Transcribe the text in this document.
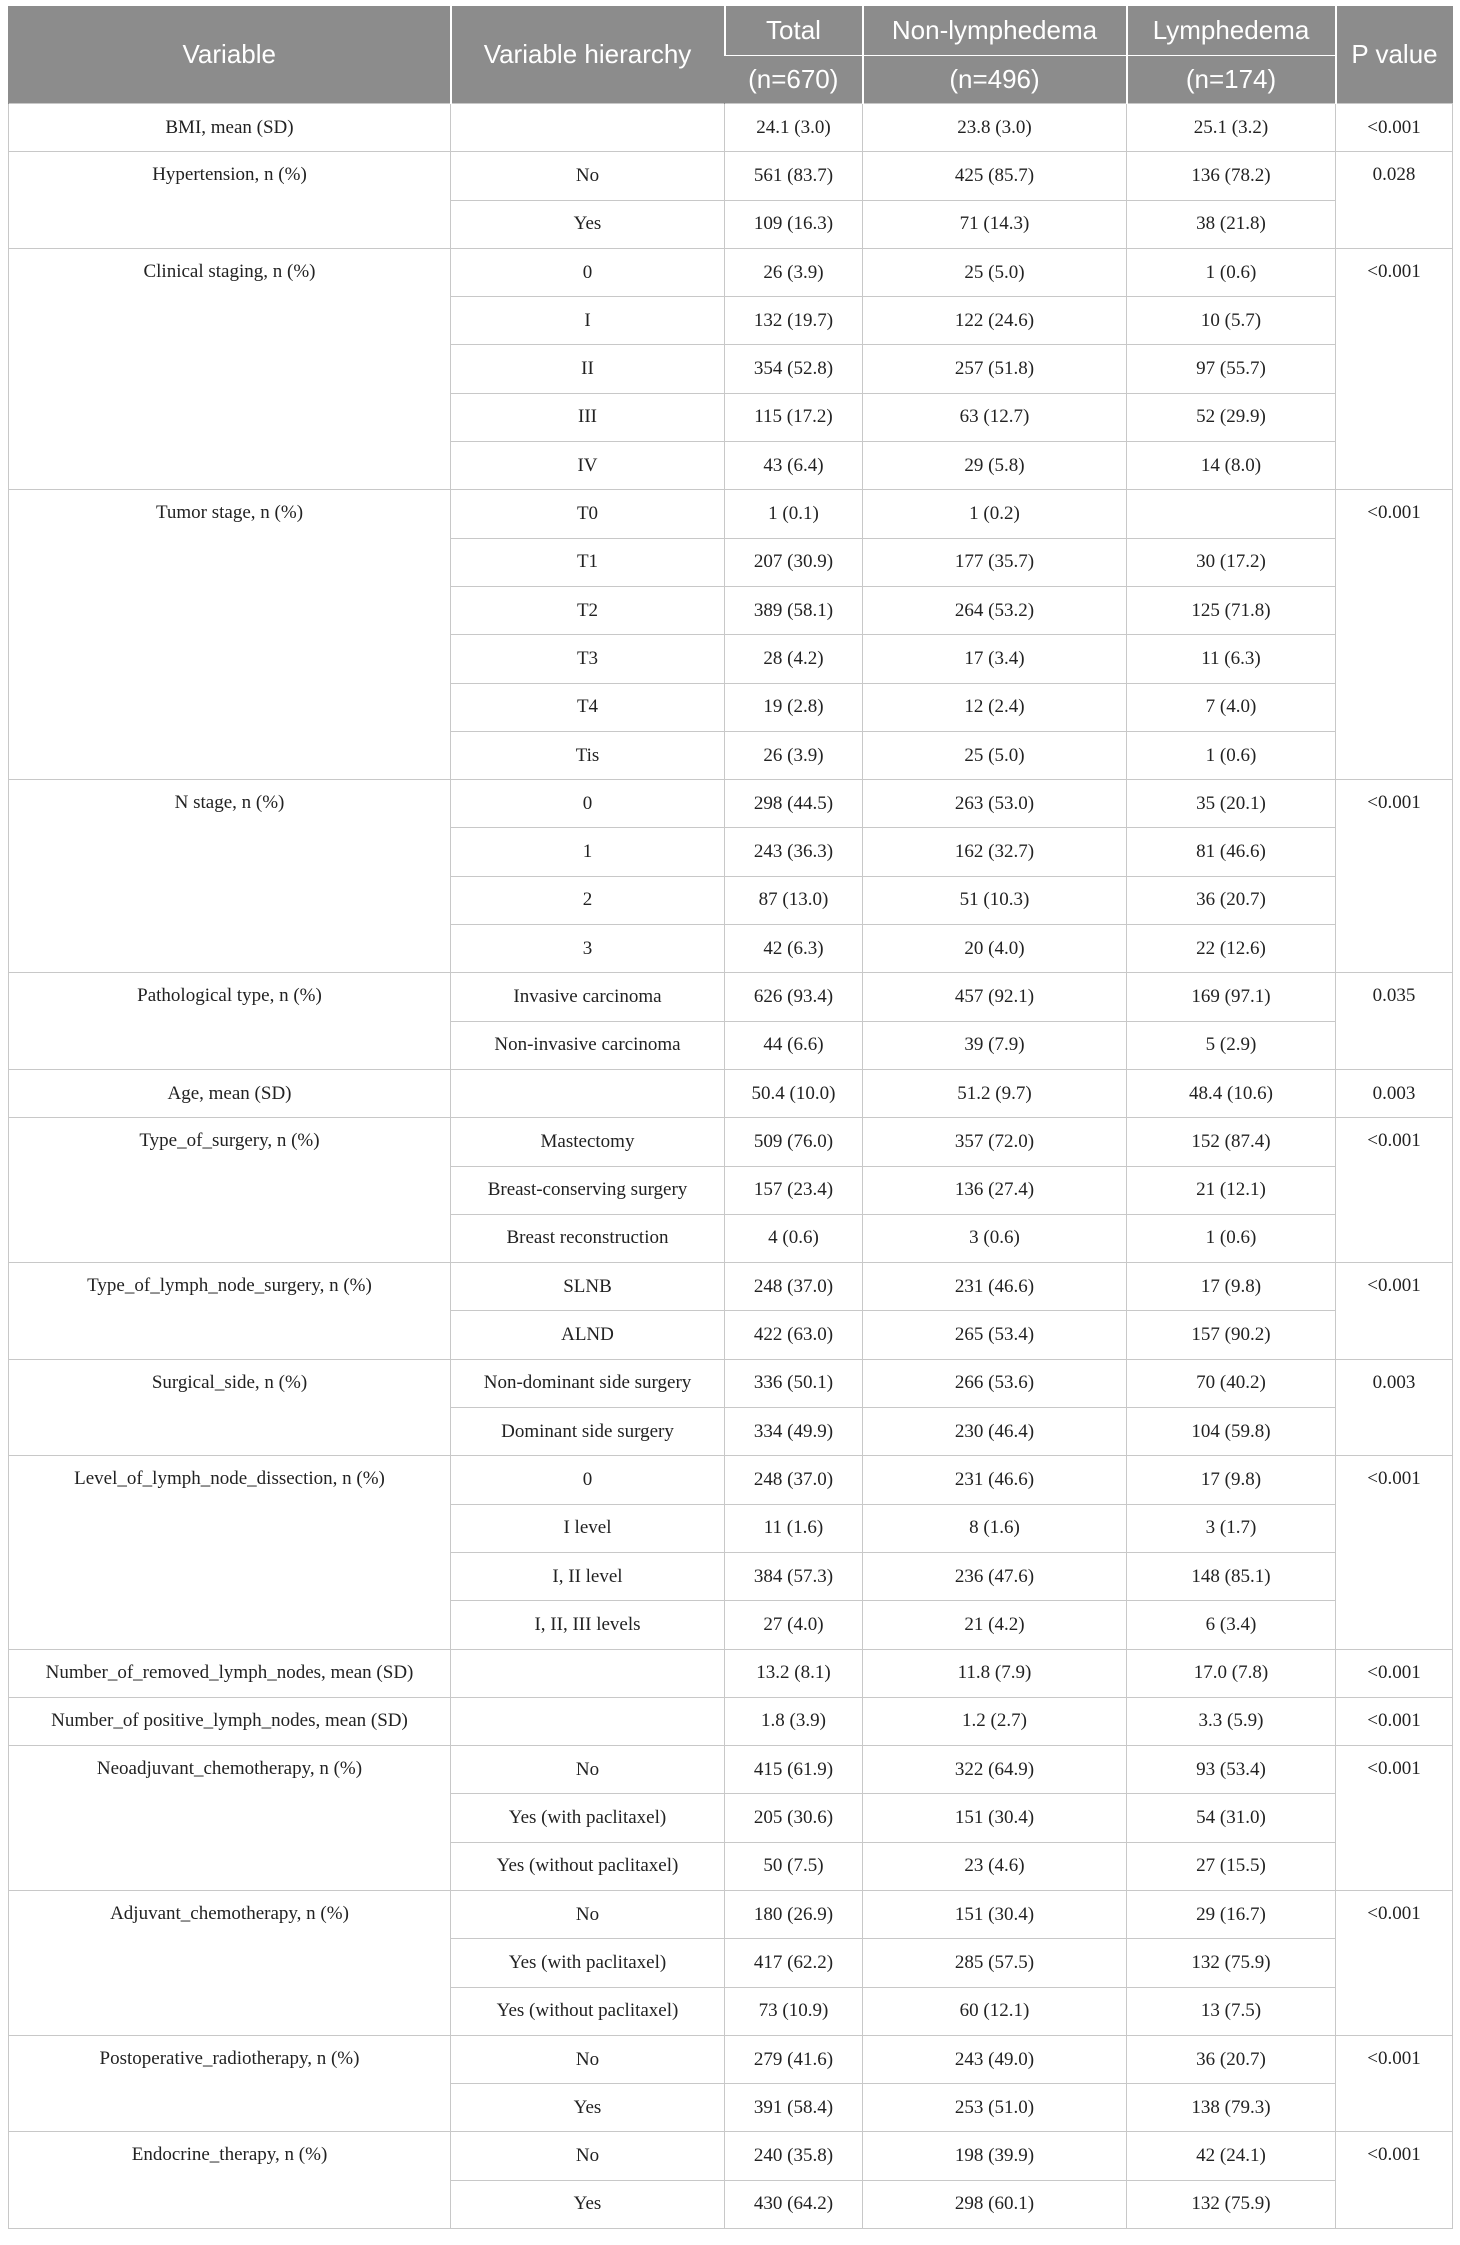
Variable	Variable hierarchy	Total	Non-lymphedema	Lymphedema	P value
		(n=670)	(n=496)	(n=174)	
BMI, mean (SD)		24.1 (3.0)	23.8 (3.0)	25.1 (3.2)	<0.001
Hypertension, n (%)	No	561 (83.7)	425 (85.7)	136 (78.2)	0.028
	Yes	109 (16.3)	71 (14.3)	38 (21.8)	
Clinical staging, n (%)	0	26 (3.9)	25 (5.0)	1 (0.6)	<0.001
	I	132 (19.7)	122 (24.6)	10 (5.7)	
	II	354 (52.8)	257 (51.8)	97 (55.7)	
	III	115 (17.2)	63 (12.7)	52 (29.9)	
	IV	43 (6.4)	29 (5.8)	14 (8.0)	
Tumor stage, n (%)	T0	1 (0.1)	1 (0.2)		<0.001
	T1	207 (30.9)	177 (35.7)	30 (17.2)	
	T2	389 (58.1)	264 (53.2)	125 (71.8)	
	T3	28 (4.2)	17 (3.4)	11 (6.3)	
	T4	19 (2.8)	12 (2.4)	7 (4.0)	
	Tis	26 (3.9)	25 (5.0)	1 (0.6)	
N stage, n (%)	0	298 (44.5)	263 (53.0)	35 (20.1)	<0.001
	1	243 (36.3)	162 (32.7)	81 (46.6)	
	2	87 (13.0)	51 (10.3)	36 (20.7)	
	3	42 (6.3)	20 (4.0)	22 (12.6)	
Pathological type, n (%)	Invasive carcinoma	626 (93.4)	457 (92.1)	169 (97.1)	0.035
	Non-invasive carcinoma	44 (6.6)	39 (7.9)	5 (2.9)	
Age, mean (SD)		50.4 (10.0)	51.2 (9.7)	48.4 (10.6)	0.003
Type_of_surgery, n (%)	Mastectomy	509 (76.0)	357 (72.0)	152 (87.4)	<0.001
	Breast-conserving surgery	157 (23.4)	136 (27.4)	21 (12.1)	
	Breast reconstruction	4 (0.6)	3 (0.6)	1 (0.6)	
Type_of_lymph_node_surgery, n (%)	SLNB	248 (37.0)	231 (46.6)	17 (9.8)	<0.001
	ALND	422 (63.0)	265 (53.4)	157 (90.2)	
Surgical_side, n (%)	Non-dominant side surgery	336 (50.1)	266 (53.6)	70 (40.2)	0.003
	Dominant side surgery	334 (49.9)	230 (46.4)	104 (59.8)	
Level_of_lymph_node_dissection, n (%)	0	248 (37.0)	231 (46.6)	17 (9.8)	<0.001
	I level	11 (1.6)	8 (1.6)	3 (1.7)	
	I, II level	384 (57.3)	236 (47.6)	148 (85.1)	
	I, II, III levels	27 (4.0)	21 (4.2)	6 (3.4)	
Number_of_removed_lymph_nodes, mean (SD)		13.2 (8.1)	11.8 (7.9)	17.0 (7.8)	<0.001
Number_of positive_lymph_nodes, mean (SD)		1.8 (3.9)	1.2 (2.7)	3.3 (5.9)	<0.001
Neoadjuvant_chemotherapy, n (%)	No	415 (61.9)	322 (64.9)	93 (53.4)	<0.001
	Yes (with paclitaxel)	205 (30.6)	151 (30.4)	54 (31.0)	
	Yes (without paclitaxel)	50 (7.5)	23 (4.6)	27 (15.5)	
Adjuvant_chemotherapy, n (%)	No	180 (26.9)	151 (30.4)	29 (16.7)	<0.001
	Yes (with paclitaxel)	417 (62.2)	285 (57.5)	132 (75.9)	
	Yes (without paclitaxel)	73 (10.9)	60 (12.1)	13 (7.5)	
Postoperative_radiotherapy, n (%)	No	279 (41.6)	243 (49.0)	36 (20.7)	<0.001
	Yes	391 (58.4)	253 (51.0)	138 (79.3)	
Endocrine_therapy, n (%)	No	240 (35.8)	198 (39.9)	42 (24.1)	<0.001
	Yes	430 (64.2)	298 (60.1)	132 (75.9)	
